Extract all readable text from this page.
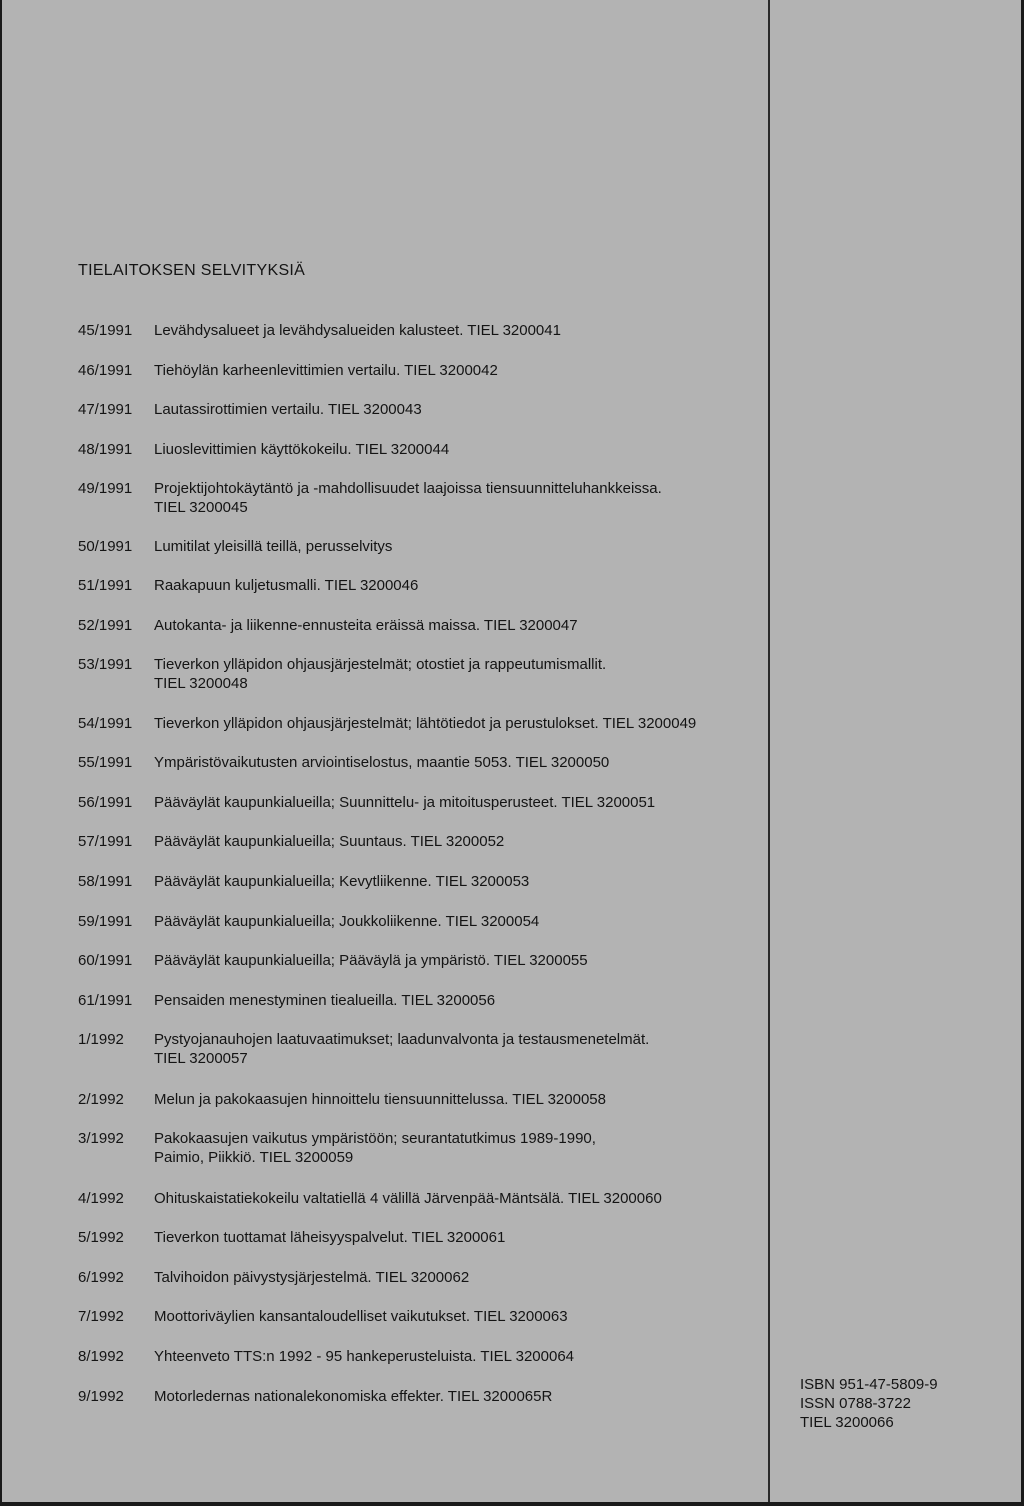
TIELAITOKSEN SELVITYKSIÄ
45/1991	Levähdysalueet ja levähdysalueiden kalusteet. TIEL 3200041
46/1991	Tiehöylän karheenlevittimien vertailu. TIEL 3200042
47/1991	Lautassirottimien vertailu. TIEL 3200043
48/1991	Liuoslevittimien käyttökokeilu. TIEL 3200044
49/1991	Projektijohtokäytäntö ja -mahdollisuudet laajoissa tiensuunnitteluhankkeissa.
TIEL 3200045
50/1991	Lumitilat yleisillä teillä, perusselvitys
51/1991	Raakapuun kuljetusmalli. TIEL 3200046
52/1991	Autokanta- ja liikenne-ennusteita eräissä maissa. TIEL 3200047
53/1991	Tieverkon ylläpidon ohjausjärjestelmät; otostiet ja rappeutumismallit.
TIEL 3200048
54/1991	Tieverkon ylläpidon ohjausjärjestelmät; lähtötiedot ja perustulokset. TIEL 3200049
55/1991	Ympäristövaikutusten arviointiselostus, maantie 5053. TIEL 3200050
56/1991	Pääväylät kaupunkialueilla; Suunnittelu- ja mitoitusperusteet. TIEL 3200051
57/1991	Pääväylät kaupunkialueilla; Suuntaus. TIEL 3200052
58/1991	Pääväylät kaupunkialueilla; Kevytliikenne. TIEL 3200053
59/1991	Pääväylät kaupunkialueilla; Joukkoliikenne. TIEL 3200054
60/1991	Pääväylät kaupunkialueilla; Pääväylä ja ympäristö. TIEL 3200055
61/1991	Pensaiden menestyminen tiealueilla. TIEL 3200056
1/1992	Pystyojanauhojen laatuvaatimukset; laadunvalvonta ja testausmenetelmät.
TIEL 3200057
2/1992	Melun ja pakokaasujen hinnoittelu tiensuunnittelussa. TIEL 3200058
3/1992	Pakokaasujen vaikutus ympäristöön; seurantatutkimus 1989-1990,
Paimio, Piikkiö. TIEL 3200059
4/1992	Ohituskaistatiekokeilu valtatiellä 4 välillä Järvenpää-Mäntsälä. TIEL 3200060
5/1992	Tieverkon tuottamat läheisyyspalvelut. TIEL 3200061
6/1992	Talvihoidon päivystysjärjestelmä. TIEL 3200062
7/1992	Moottoriväylien kansantaloudelliset vaikutukset. TIEL 3200063
8/1992	Yhteenveto TTS:n 1992 - 95 hankeperusteluista. TIEL 3200064
9/1992	Motorledernas nationalekonomiska effekter. TIEL 3200065R
ISBN 951-47-5809-9
ISSN 0788-3722
TIEL 3200066
